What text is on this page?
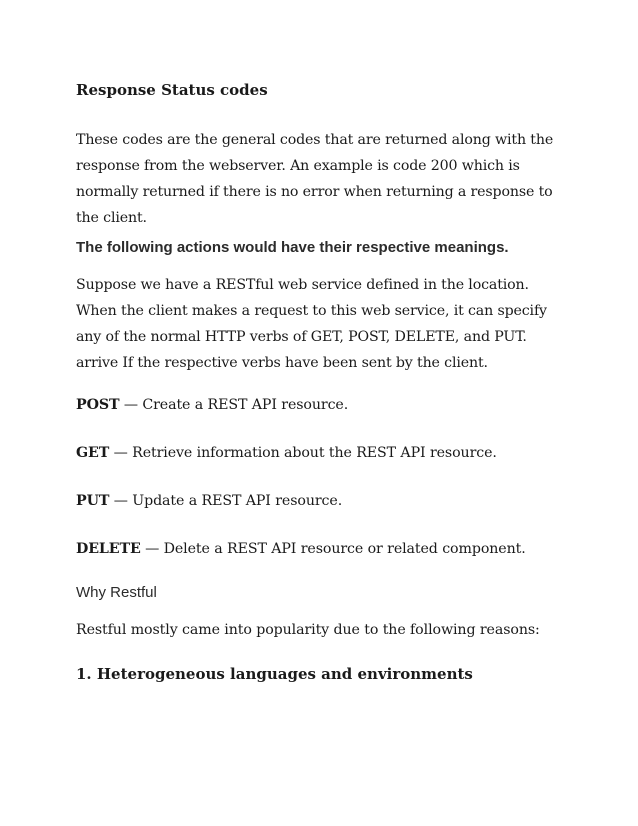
Response Status codes

These codes are the general codes that are returned along with the response from the webserver. An example is code 200 which is normally returned if there is no error when returning a response to the client.

The following actions would have their respective meanings.

Suppose we have a RESTful web service defined in the location. When the client makes a request to this web service, it can specify any of the normal HTTP verbs of GET, POST, DELETE, and PUT. arrive If the respective verbs have been sent by the client.

POST — Create a REST API resource.

GET — Retrieve information about the REST API resource.

PUT — Update a REST API resource.

DELETE — Delete a REST API resource or related component.

Why Restful

Restful mostly came into popularity due to the following reasons:

1. Heterogeneous languages and environments
